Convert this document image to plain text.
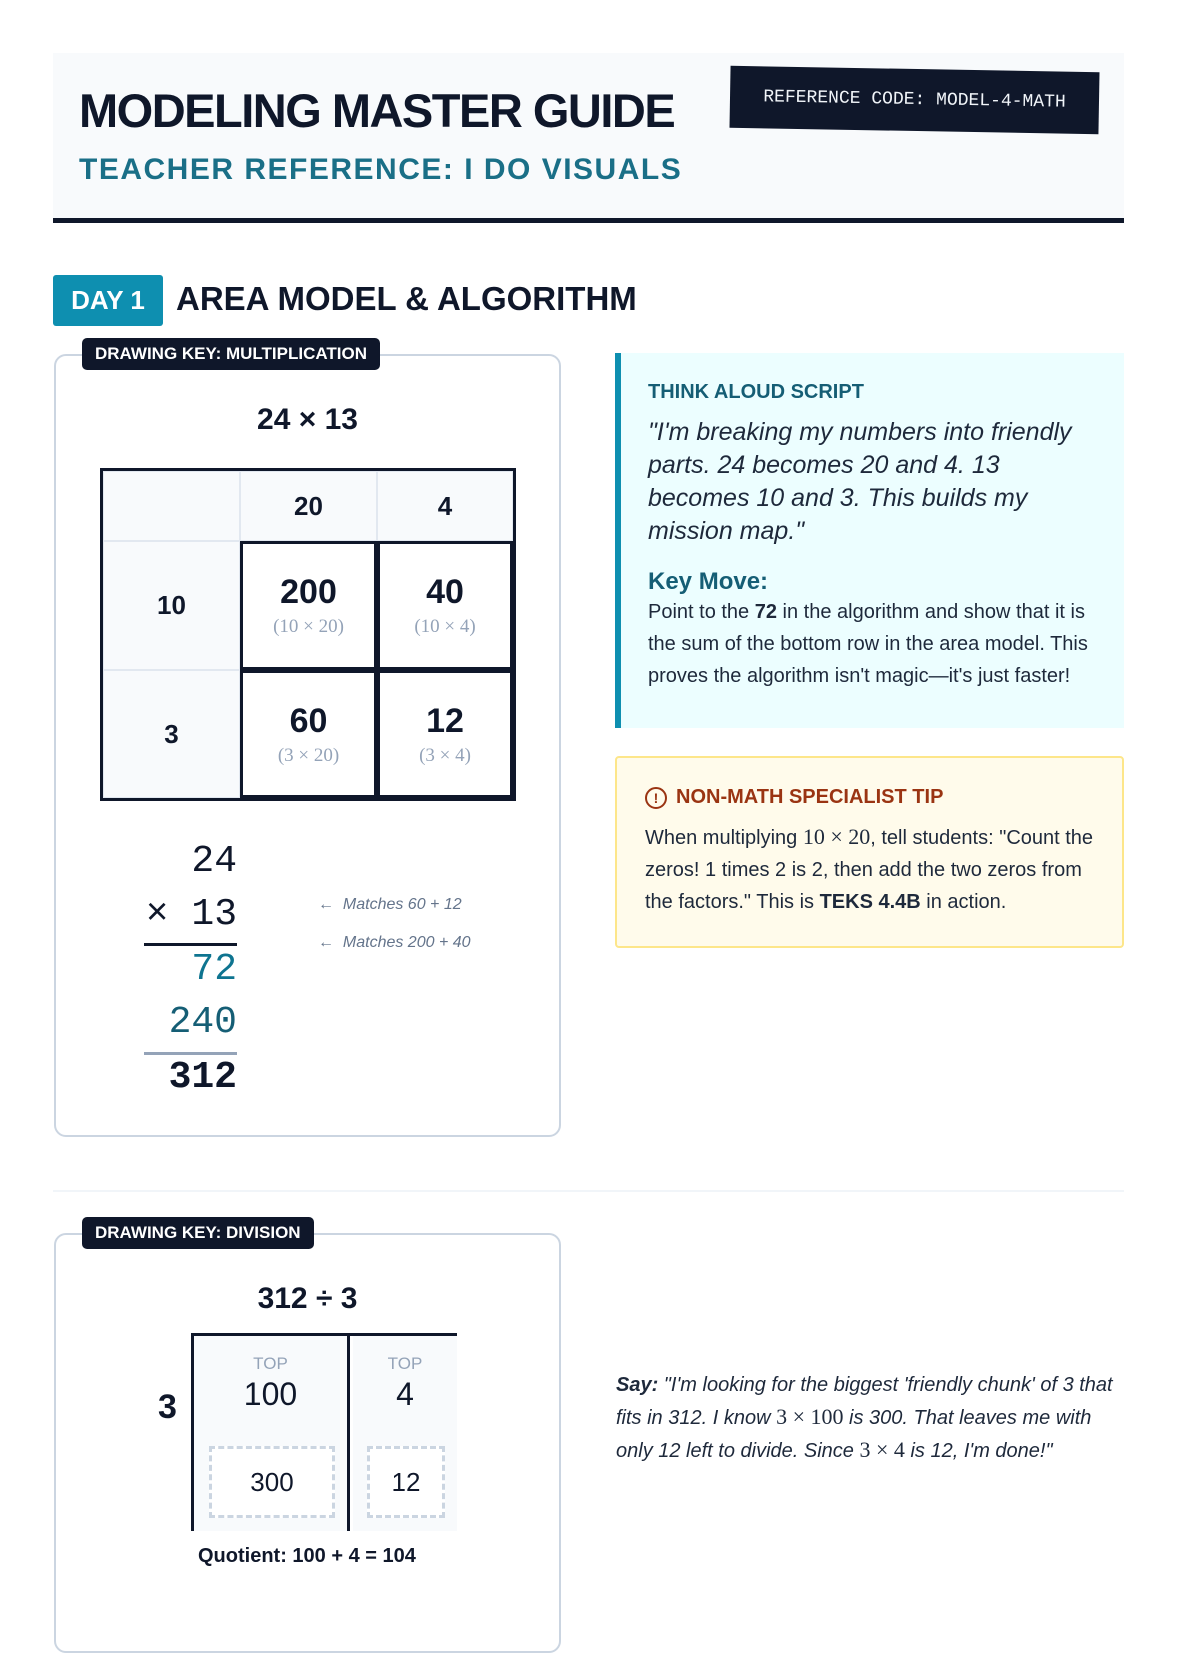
MODELING MASTER GUIDE	REFERENCE CODE: MODEL-4-MATH
TEACHER REFERENCE: I DO VISUALS
DAY 1 AREA MODEL & ALGORITHM
DRAWING KEY: MULTIPLICATION
24 × 13
20	4
10
3
200
(10 × 20)
40
(10 × 4)
60
(3 × 20)
12
(3 × 4)
24
× 13
72
240
312
← Matches 60 + 12
← Matches 200 + 40
THINK ALOUD SCRIPT
"I'm breaking my numbers into friendly parts. 24 becomes 20 and 4. 13 becomes 10 and 3. This builds my mission map."
Key Move:
Point to the 72 in the algorithm and show that it is the sum of the bottom row in the area model. This proves the algorithm isn't magic—it's just faster!
! NON-MATH SPECIALIST TIP
When multiplying 10 × 20, tell students: "Count the zeros! 1 times 2 is 2, then add the two zeros from the factors." This is TEKS 4.4B in action.
DRAWING KEY: DIVISION
312 ÷ 3
3
TOP
100
300
TOP
4
12
Quotient: 100 + 4 = 104
Say: "I'm looking for the biggest 'friendly chunk' of 3 that fits in 312. I know 3 × 100 is 300. That leaves me with only 12 left to divide. Since 3 × 4 is 12, I'm done!"
